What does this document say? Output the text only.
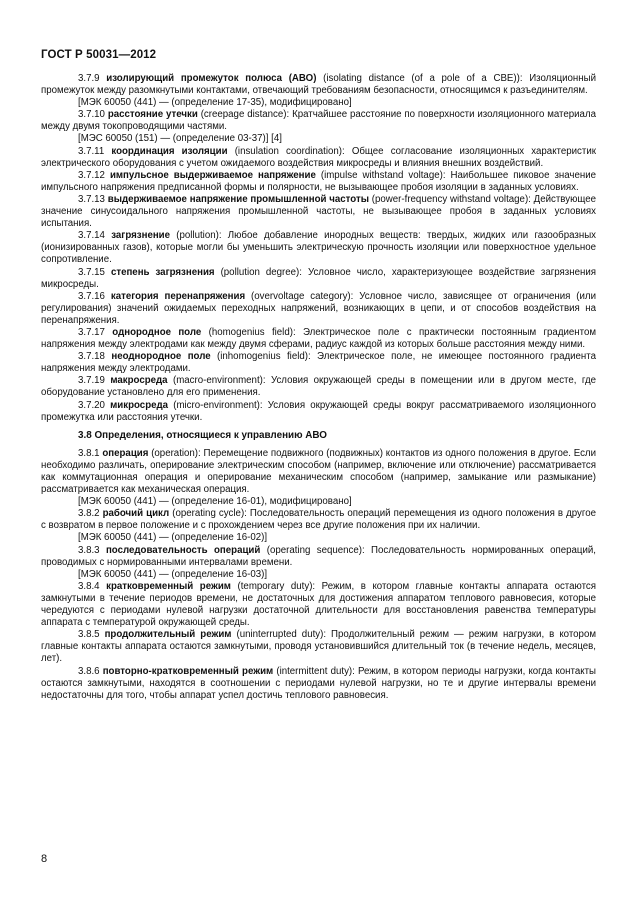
ГОСТ Р 50031—2012

3.7.9 изолирующий промежуток полюса (АВО) (isolating distance (of a pole of a CBE)): Изоляционный промежуток между разомкнутыми контактами, отвечающий требованиям безопасности, относящимся к разъединителям.

[МЭК 60050 (441) — (определение 17-35), модифицировано]

3.7.10 расстояние утечки (creepage distance): Кратчайшее расстояние по поверхности изоляционного материала между двумя токопроводящими частями.

[МЭС 60050 (151) — (определение 03-37)] [4]

3.7.11 координация изоляции (insulation coordination): Общее согласование изоляционных характеристик электрического оборудования с учетом ожидаемого воздействия микросреды и влияния внешних воздействий.

3.7.12 импульсное выдерживаемое напряжение (impulse withstand voltage): Наибольшее пиковое значение импульсного напряжения предписанной формы и полярности, не вызывающее пробоя изоляции в заданных условиях.

3.7.13 выдерживаемое напряжение промышленной частоты (power-frequency withstand voltage): Действующее значение синусоидального напряжения промышленной частоты, не вызывающее пробоя в заданных условиях испытания.

3.7.14 загрязнение (pollution): Любое добавление инородных веществ: твердых, жидких или газообразных (ионизированных газов), которые могли бы уменьшить электрическую прочность изоляции или поверхностное удельное сопротивление.

3.7.15 степень загрязнения (pollution degree): Условное число, характеризующее воздействие загрязнения микросреды.

3.7.16 категория перенапряжения (overvoltage category): Условное число, зависящее от ограничения (или регулирования) значений ожидаемых переходных напряжений, возникающих в цепи, и от способов воздействия на перенапряжения.

3.7.17 однородное поле (homogenius field): Электрическое поле с практически постоянным градиентом напряжения между электродами как между двумя сферами, радиус каждой из которых больше расстояния между ними.

3.7.18 неоднородное поле (inhomogenius field): Электрическое поле, не имеющее постоянного градиента напряжения между электродами.

3.7.19 макросреда (macro-environment): Условия окружающей среды в помещении или в другом месте, где оборудование установлено для его применения.

3.7.20 микросреда (micro-environment): Условия окружающей среды вокруг рассматриваемого изоляционного промежутка или расстояния утечки.

3.8 Определения, относящиеся к управлению АВО

3.8.1 операция (operation): Перемещение подвижного (подвижных) контактов из одного положения в другое. Если необходимо различать, оперирование электрическим способом (например, включение или отключение) рассматривается как коммутационная операция и оперирование механическим способом (например, замыкание или размыкание) рассматривается как механическая операция.

[МЭК 60050 (441) — (определение 16-01), модифицировано]

3.8.2 рабочий цикл (operating cycle): Последовательность операций перемещения из одного положения в другое с возвратом в первое положение и с прохождением через все другие положения при их наличии.

[МЭК 60050 (441) — (определение 16-02)]

3.8.3 последовательность операций (operating sequence): Последовательность нормированных операций, проводимых с нормированными интервалами времени.

[МЭК 60050 (441) — (определение 16-03)]

3.8.4 кратковременный режим (temporary duty): Режим, в котором главные контакты аппарата остаются замкнутыми в течение периодов времени, не достаточных для достижения аппаратом теплового равновесия, которые чередуются с периодами нулевой нагрузки достаточной длительности для восстановления равенства температуры аппарата с температурой окружающей среды.

3.8.5 продолжительный режим (uninterrupted duty): Продолжительный режим — режим нагрузки, в котором главные контакты аппарата остаются замкнутыми, проводя установившийся длительный ток (в течение недель, месяцев, лет).

3.8.6 повторно-кратковременный режим (intermittent duty): Режим, в котором периоды нагрузки, когда контакты остаются замкнутыми, находятся в соотношении с периодами нулевой нагрузки, но те и другие интервалы времени недостаточны для того, чтобы аппарат успел достичь теплового равновесия.

8
